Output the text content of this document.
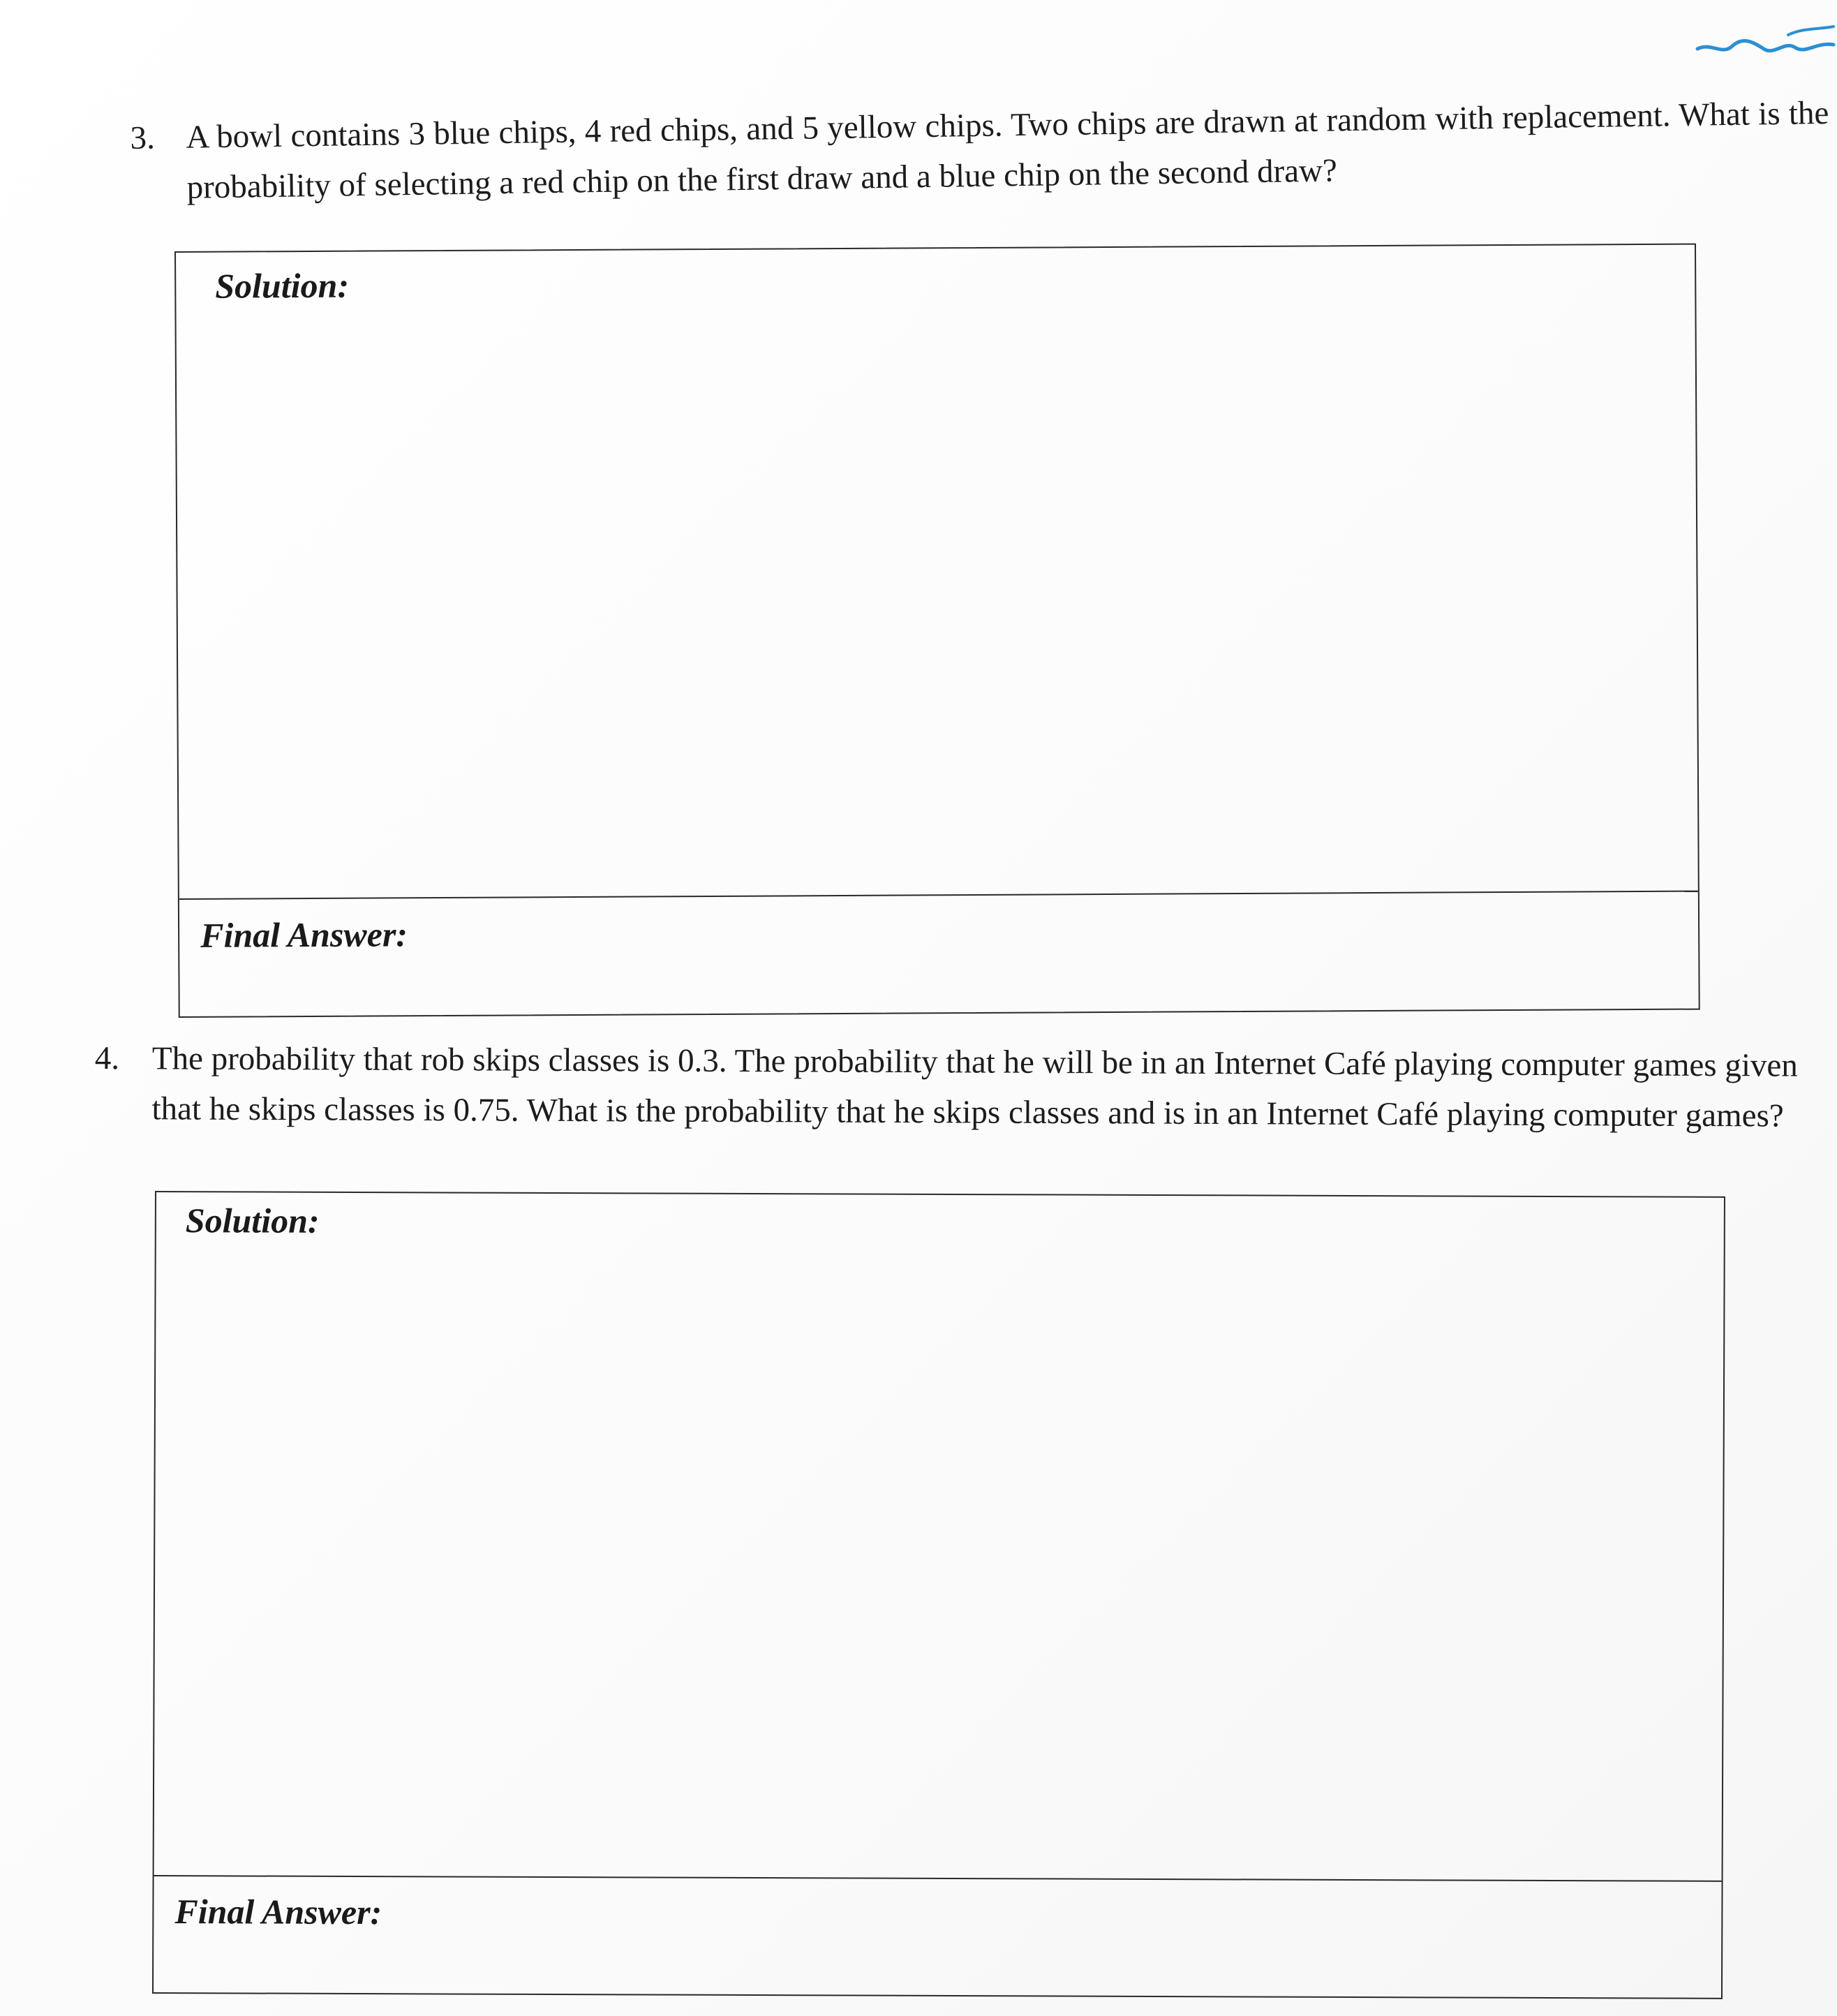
3. A bowl contains 3 blue chips, 4 red chips, and 5 yellow chips. Two chips are drawn at random with replacement. What is the probability of selecting a red chip on the first draw and a blue chip on the second draw?
Solution:
Final Answer:
4. The probability that rob skips classes is 0.3. The probability that he will be in an Internet Café playing computer games given that he skips classes is 0.75. What is the probability that he skips classes and is in an Internet Café playing computer games?
Solution:
Final Answer:
